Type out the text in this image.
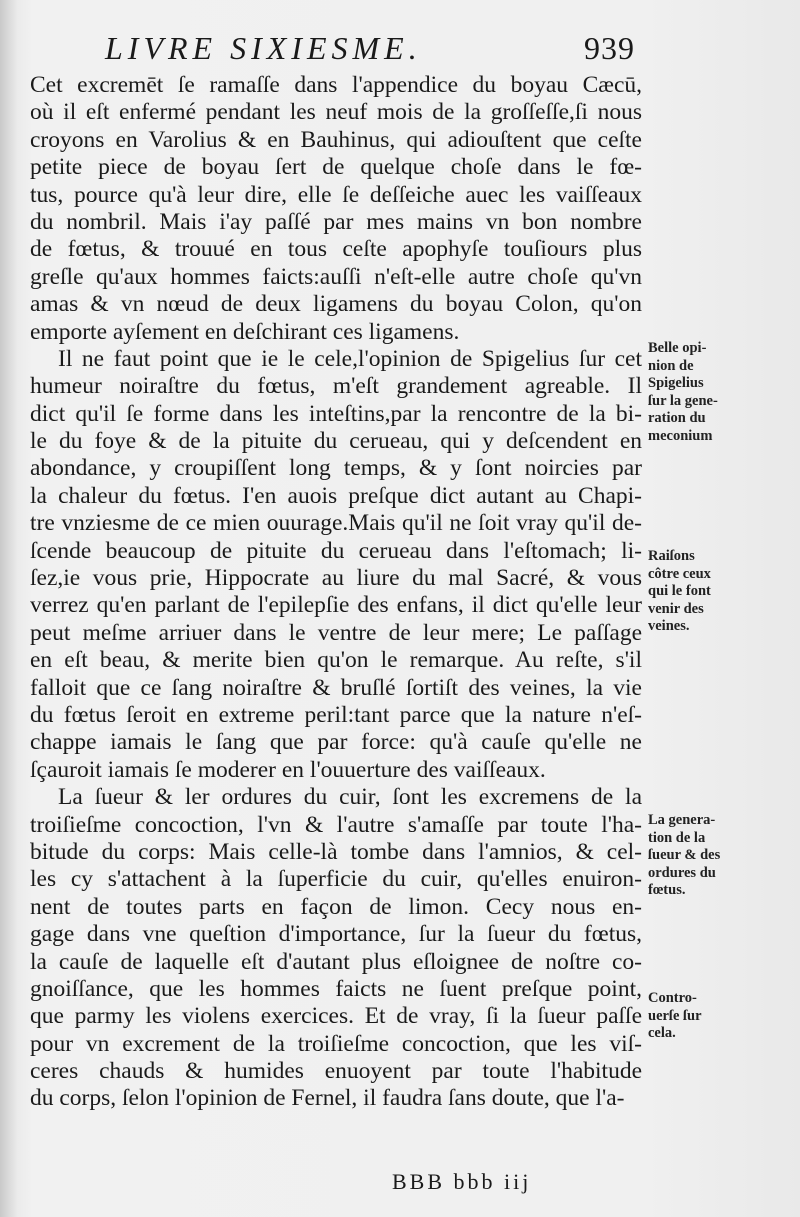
LIVRE SIXIESME.	939
Cet excremēt ſe ramaſſe dans l'appendice du boyau Cæcū,
où il eſt enfermé pendant les neuf mois de la groſſeſſe,ſi nous
croyons en Varolius & en Bauhinus, qui adiouſtent que ceſte
petite piece de boyau ſert de quelque choſe dans le fœ-
tus, pource qu'à leur dire, elle ſe deſſeiche auec les vaiſſeaux
du nombril. Mais i'ay paſſé par mes mains vn bon nombre
de fœtus, & trouué en tous ceſte apophyſe touſiours plus
greſle qu'aux hommes faicts:auſſi n'eſt-elle autre choſe qu'vn
amas & vn nœud de deux ligamens du boyau Colon, qu'on
emporte ayſement en deſchirant ces ligamens.
Il ne faut point que ie le cele,l'opinion de Spigelius ſur cet
humeur noiraſtre du fœtus, m'eſt grandement agreable. Il
dict qu'il ſe forme dans les inteſtins,par la rencontre de la bi-
le du foye & de la pituite du cerueau, qui y deſcendent en
abondance, y croupiſſent long temps, & y ſont noircies par
la chaleur du fœtus. I'en auois preſque dict autant au Chapi-
tre vnziesme de ce mien ouurage.Mais qu'il ne ſoit vray qu'il de-
ſcende beaucoup de pituite du cerueau dans l'eſtomach; li-
ſez,ie vous prie, Hippocrate au liure du mal Sacré, & vous
verrez qu'en parlant de l'epilepſie des enfans, il dict qu'elle leur
peut meſme arriuer dans le ventre de leur mere; Le paſſage
en eſt beau, & merite bien qu'on le remarque. Au reſte, s'il
falloit que ce ſang noiraſtre & bruſlé ſortiſt des veines, la vie
du fœtus ſeroit en extreme peril:tant parce que la nature n'eſ-
chappe iamais le ſang que par force: qu'à cauſe qu'elle ne
ſçauroit iamais ſe moderer en l'ouuerture des vaiſſeaux.
La ſueur & ler ordures du cuir, ſont les excremens de la
troiſieſme concoction, l'vn & l'autre s'amaſſe par toute l'ha-
bitude du corps: Mais celle-là tombe dans l'amnios, & cel-
les cy s'attachent à la ſuperficie du cuir, qu'elles enuiron-
nent de toutes parts en façon de limon. Cecy nous en-
gage dans vne queſtion d'importance, ſur la ſueur du fœtus,
la cauſe de laquelle eſt d'autant plus eſloignee de noſtre co-
gnoiſſance, que les hommes faicts ne ſuent preſque point,
que parmy les violens exercices. Et de vray, ſi la ſueur paſſe
pour vn excrement de la troiſieſme concoction, que les viſ-
ceres chauds & humides enuoyent par toute l'habitude
du corps, ſelon l'opinion de Fernel, il faudra ſans doute, que l'a-
Belle opi-
nion de
Spigelius
ſur la gene-
ration du
meconium
Raiſons
côtre ceux
qui le font
venir des
veines.
La genera-
tion de la
ſueur & des
ordures du
fœtus.
Contro-
uerſe ſur
cela.
BBB bbb iij
